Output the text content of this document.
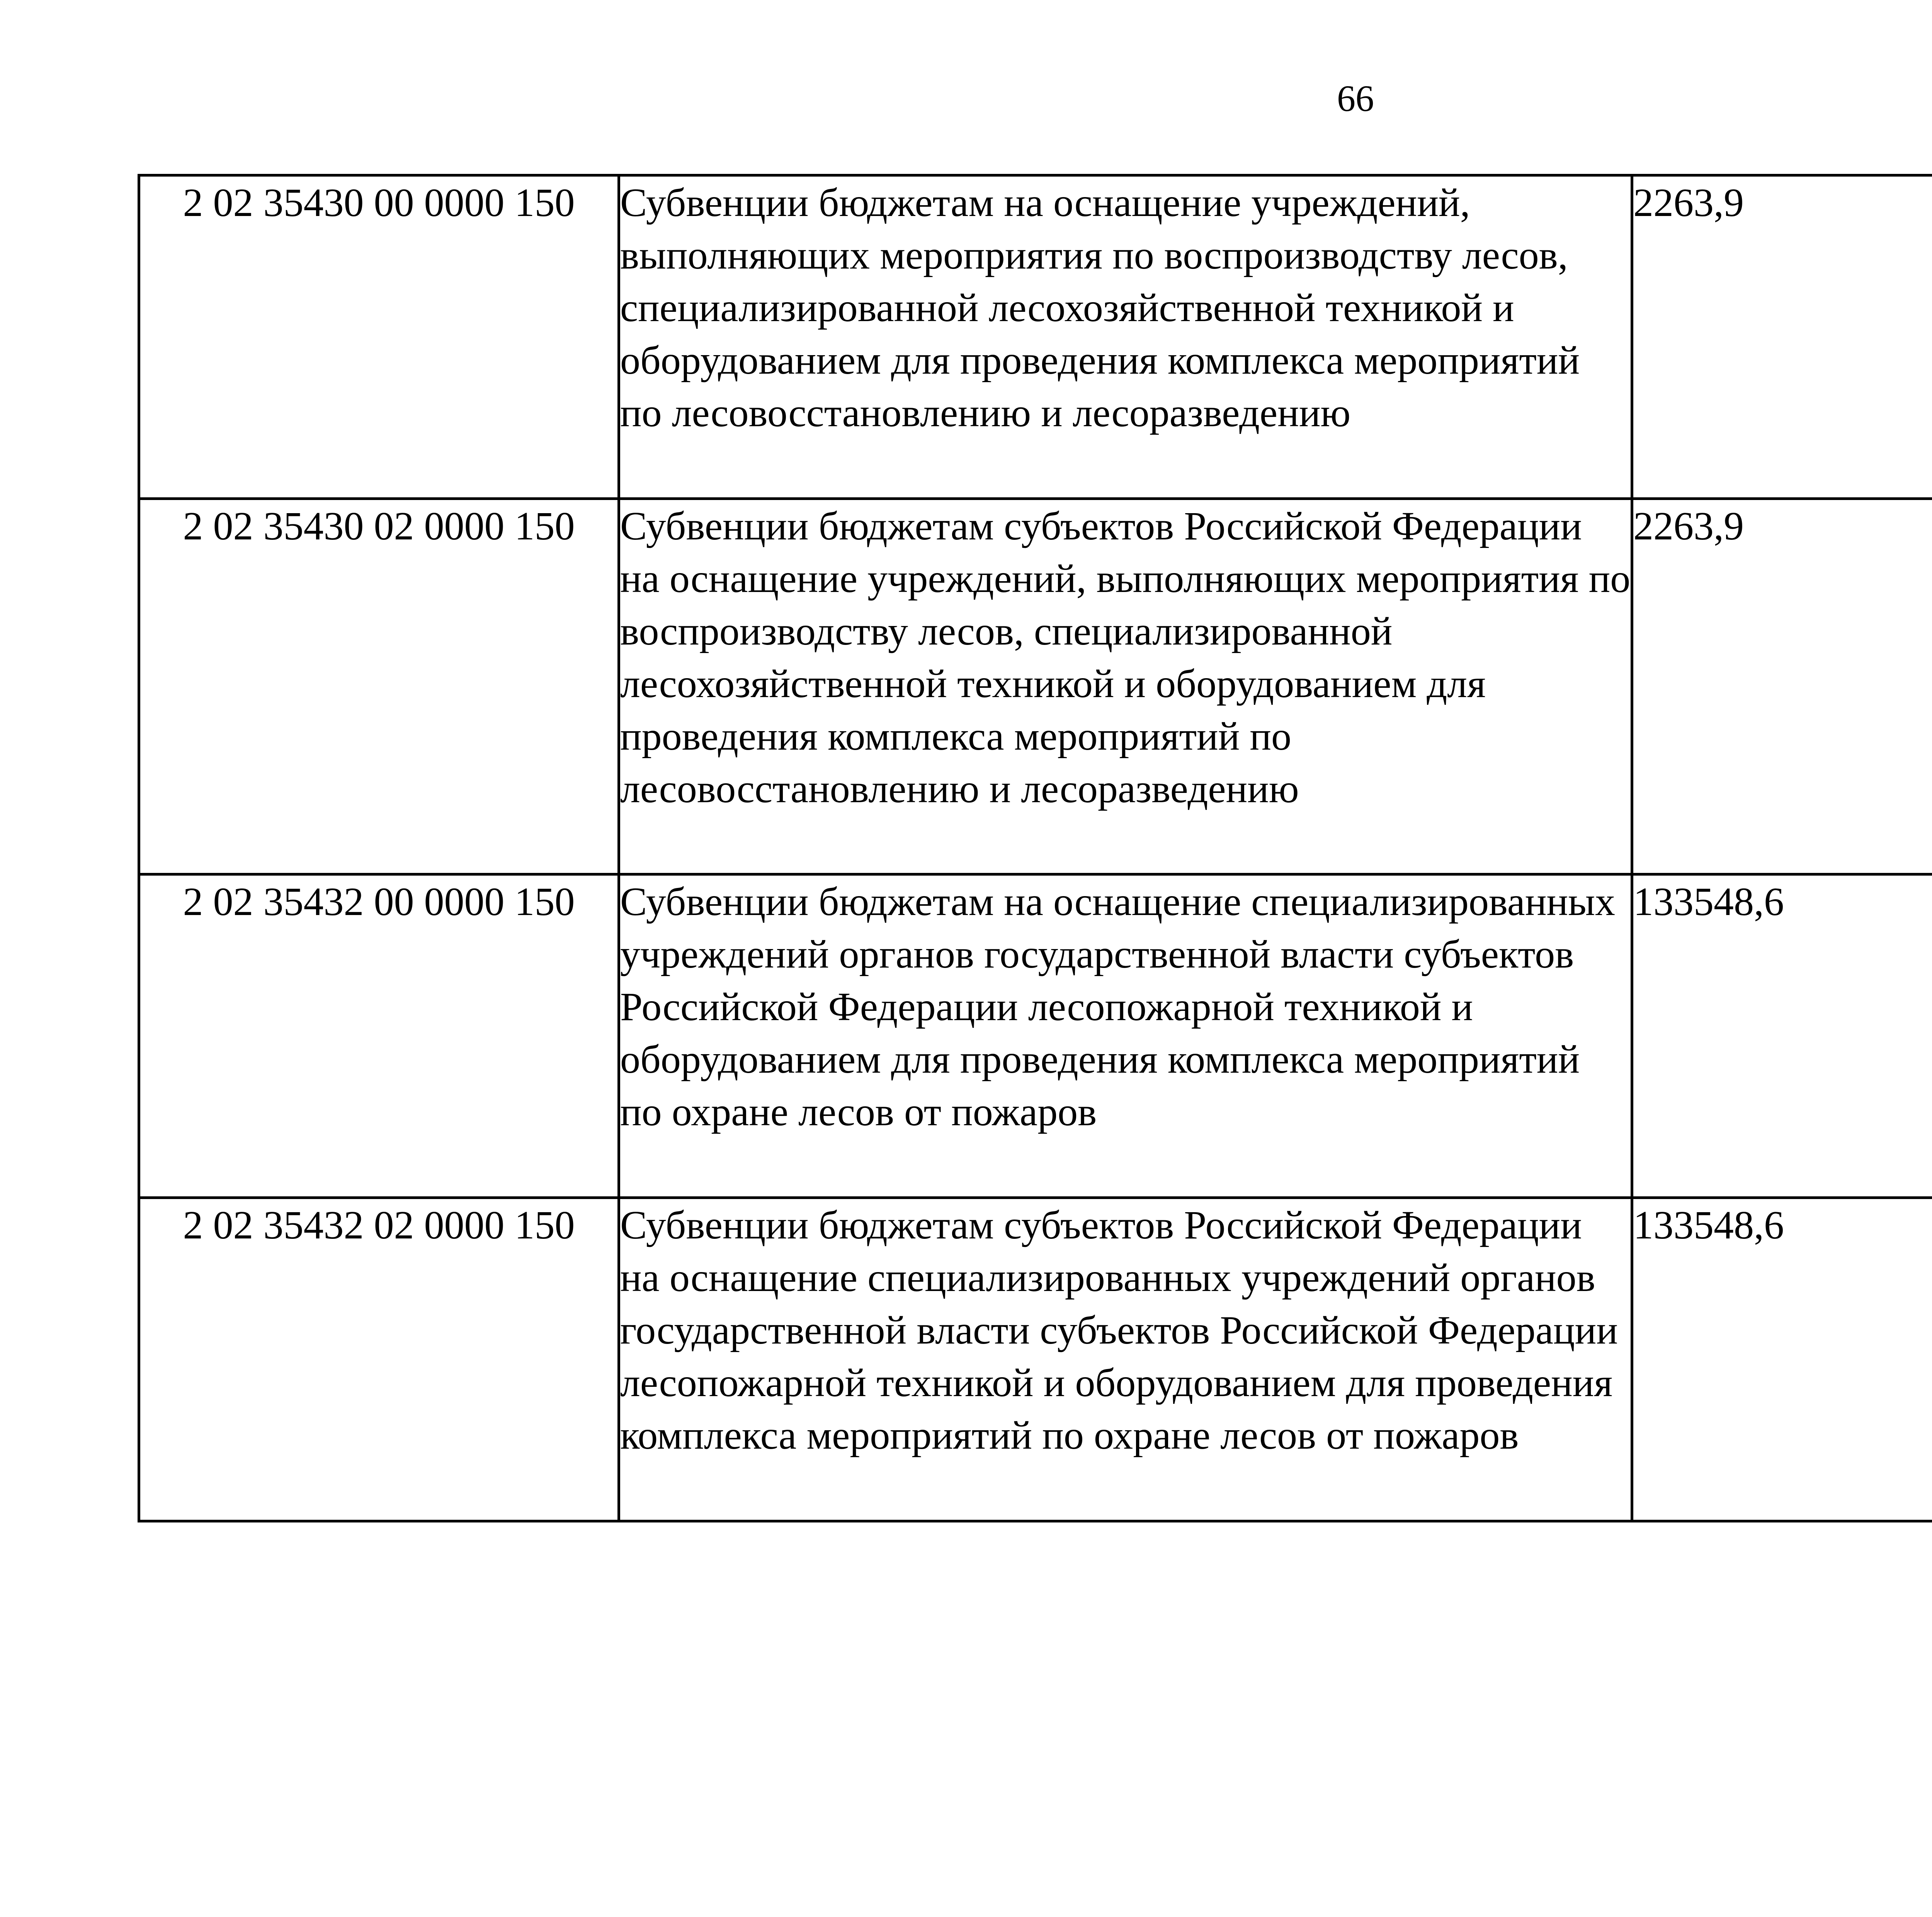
66
2 02 35430 00 0000 150	Субвенции бюджетам на оснащение учреждений, выполняющих мероприятия по воспроизводству лесов, специализированной лесохозяйственной техникой и оборудованием для проведения комплекса мероприятий по лесовосстановлению и лесоразведению	2263,9		
2 02 35430 02 0000 150	Субвенции бюджетам субъектов Российской Федерации на оснащение учреждений, выполняющих мероприятия по воспроизводству лесов, специализированной лесохозяйственной техникой и оборудованием для проведения комплекса мероприятий по лесовосстановлению и лесоразведению	2263,9		
2 02 35432 00 0000 150	Субвенции бюджетам на оснащение специализированных учреждений органов государственной власти субъектов Российской Федерации лесопожарной техникой и оборудованием для проведения комплекса мероприятий по охране лесов от пожаров	133548,6		
2 02 35432 02 0000 150	Субвенции бюджетам субъектов Российской Федерации на оснащение специализированных учреждений органов государственной власти субъектов Российской Федерации лесопожарной техникой и оборудованием для проведения комплекса мероприятий по охране лесов от пожаров	133548,6		
